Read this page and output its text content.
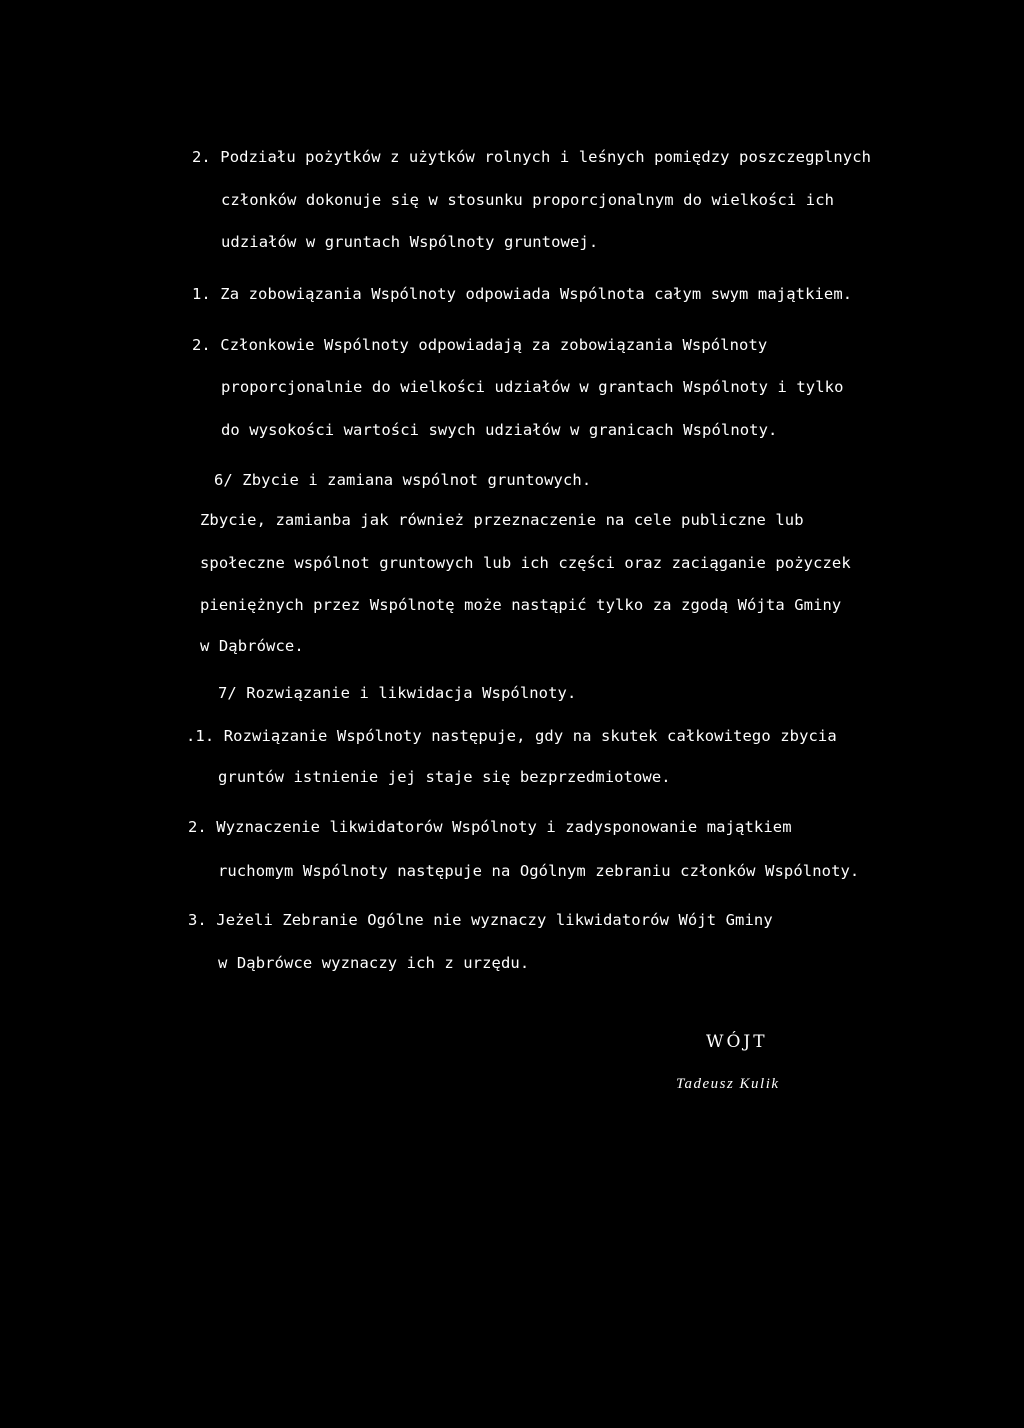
2. Podziału pożytków z użytków rolnych i leśnych pomiędzy poszczegplnych
członków dokonuje się w stosunku proporcjonalnym do wielkości ich
udziałów w gruntach Wspólnoty gruntowej.
1. Za zobowiązania Wspólnoty odpowiada Wspólnota całym swym majątkiem.
2. Członkowie Wspólnoty odpowiadają za zobowiązania Wspólnoty
proporcjonalnie do wielkości udziałów w grantach Wspólnoty i tylko
do wysokości wartości swych udziałów w granicach Wspólnoty.
6/ Zbycie i zamiana wspólnot gruntowych.
Zbycie, zamianba jak również przeznaczenie na cele publiczne lub
społeczne wspólnot gruntowych lub ich części oraz zaciąganie pożyczek
pieniężnych przez Wspólnotę może nastąpić tylko za zgodą Wójta Gminy
w Dąbrówce.
7/ Rozwiązanie i likwidacja Wspólnoty.
.1. Rozwiązanie Wspólnoty następuje, gdy na skutek całkowitego zbycia
gruntów istnienie jej staje się bezprzedmiotowe.
2. Wyznaczenie likwidatorów Wspólnoty i zadysponowanie majątkiem
ruchomym Wspólnoty następuje na Ogólnym zebraniu członków Wspólnoty.
3. Jeżeli Zebranie Ogólne nie wyznaczy likwidatorów Wójt Gminy
w Dąbrówce wyznaczy ich z urzędu.
WÓJT
Tadeusz Kulik
